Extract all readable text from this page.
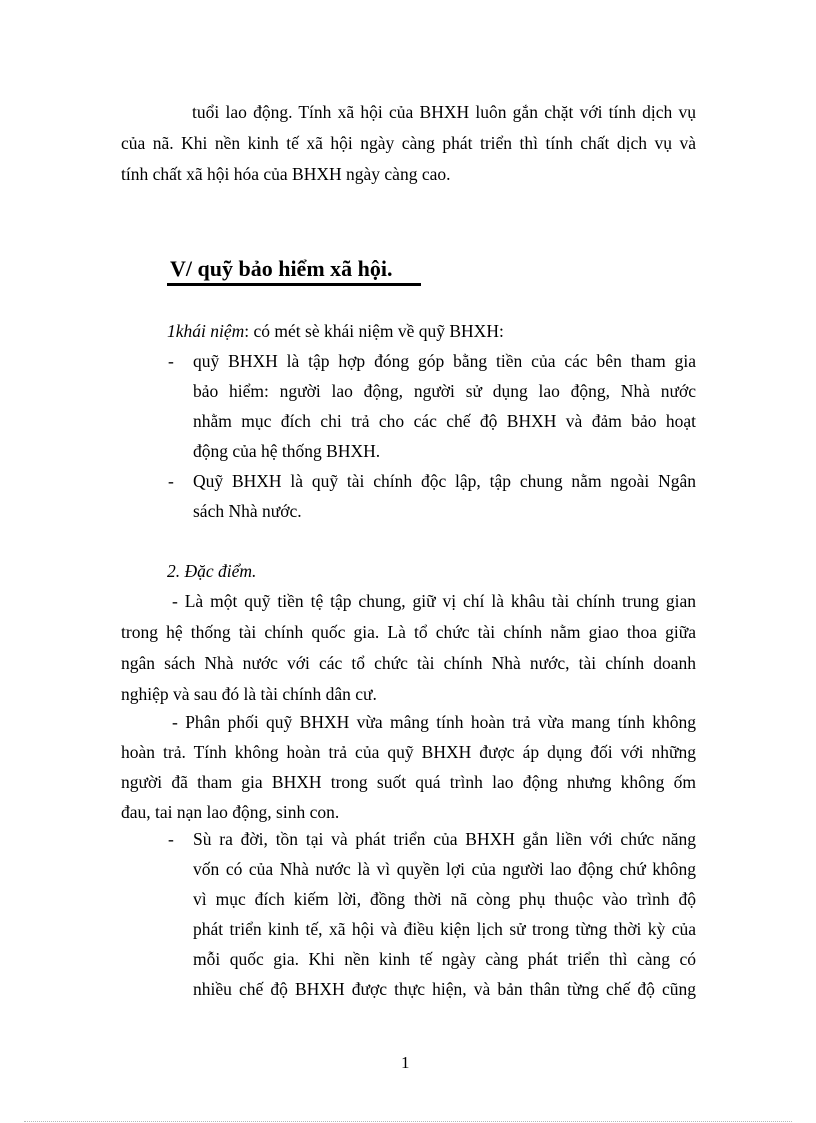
tuổi lao động. Tính xã hội của BHXH luôn gắn chặt với tính dịch vụ
của nã. Khi nền kinh tế xã hội ngày càng phát triển thì tính chất dịch vụ và
tính chất xã hội hóa của BHXH ngày càng cao.
V/ quỹ bảo hiểm xã hội.
1khái niệm: có mét sè khái niệm về quỹ BHXH:
- quỹ BHXH là tập hợp đóng góp bằng tiền của các bên tham gia
bảo hiểm: người lao động, người sử dụng lao động, Nhà nước
nhằm mục đích chi trả cho các chế độ BHXH và đảm bảo hoạt
động của hệ thống BHXH.
- Quỹ BHXH là quỹ tài chính độc lập, tập chung nằm ngoài Ngân
sách Nhà nước.
2. Đặc điểm.
- Là một quỹ tiền tệ tập chung, giữ vị chí là khâu tài chính trung gian
trong hệ thống tài chính quốc gia. Là tổ chức tài chính nằm giao thoa giữa
ngân sách Nhà nước với các tổ chức tài chính Nhà nước, tài chính doanh
nghiệp và sau đó là tài chính dân cư.
- Phân phối quỹ BHXH vừa mâng tính hoàn trả vừa mang tính không
hoàn trả. Tính không hoàn trả của quỹ BHXH được áp dụng đối với những
người đã tham gia BHXH trong suốt quá trình lao động nhưng không ốm
đau, tai nạn lao động, sinh con.
- Sù ra đời, tồn tại và phát triển của BHXH gắn liền với chức năng
vốn có của Nhà nước là vì quyền lợi của người lao động chứ không
vì mục đích kiếm lời, đồng thời nã còng phụ thuộc vào trình độ
phát triển kinh tế, xã hội và điều kiện lịch sử trong từng thời kỳ của
mỗi quốc gia. Khi nền kinh tế ngày càng phát triển thì càng có
nhiều chế độ BHXH được thực hiện, và bản thân từng chế độ cũng
1
